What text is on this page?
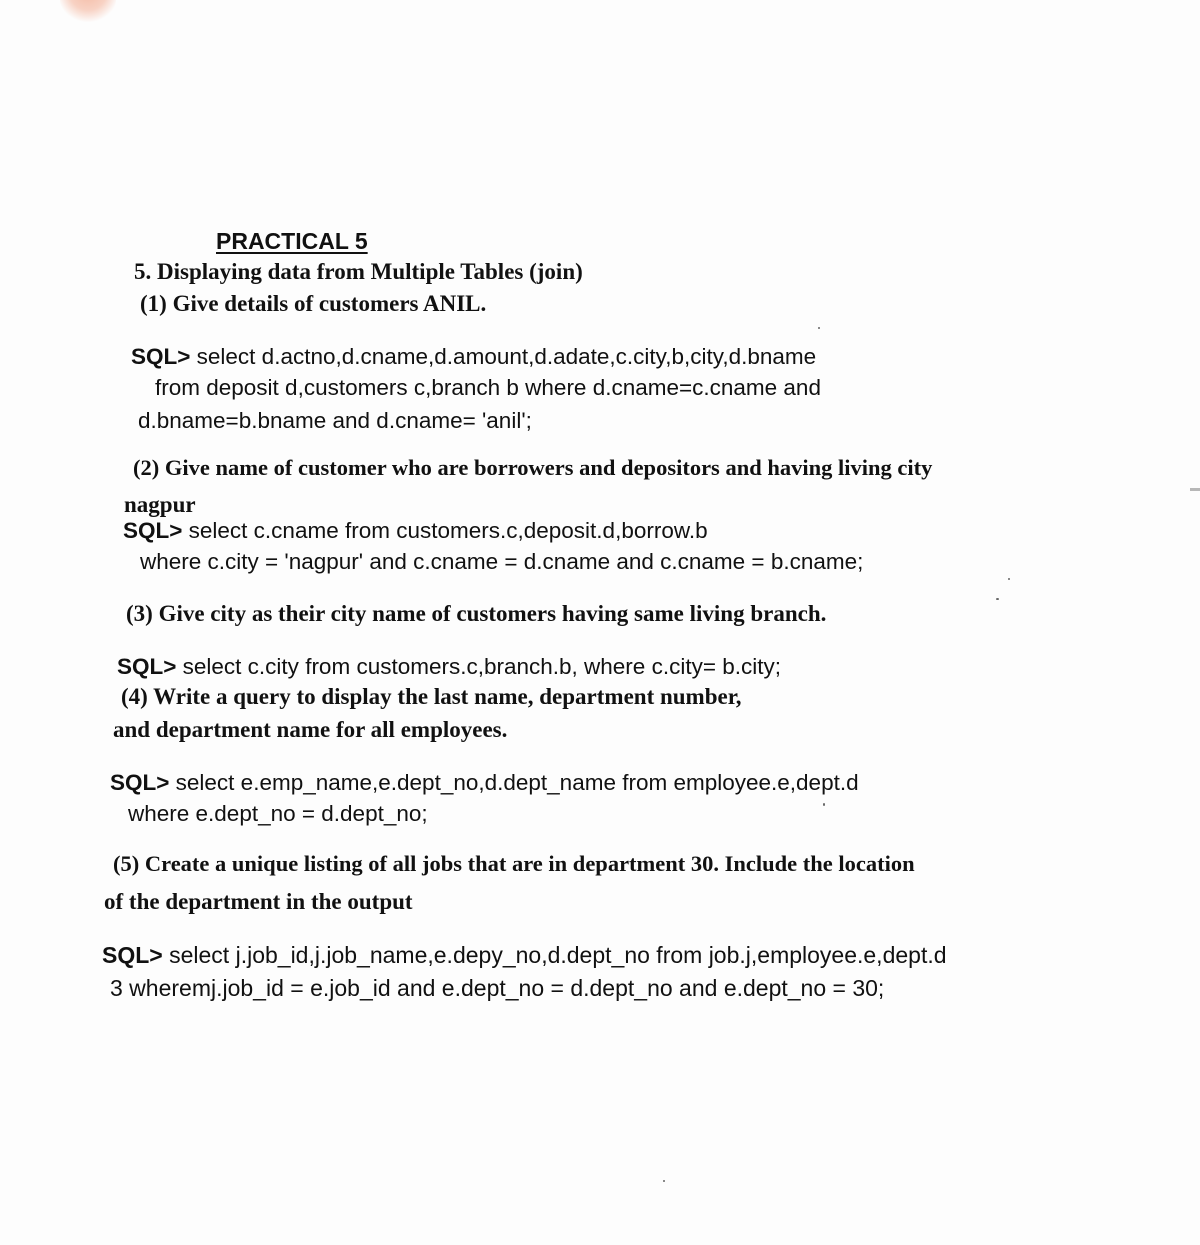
PRACTICAL 5
5. Displaying data from Multiple Tables (join)
(1) Give details of customers ANIL.
SQL> select d.actno,d.cname,d.amount,d.adate,c.city,b,city,d.bname
from deposit d,customers c,branch b where d.cname=c.cname and
d.bname=b.bname and d.cname= 'anil';
(2) Give name of customer who are borrowers and depositors and having living city
nagpur
SQL> select c.cname from customers.c,deposit.d,borrow.b
where c.city = 'nagpur' and c.cname = d.cname and c.cname = b.cname;
(3) Give city as their city name of customers having same living branch.
SQL> select c.city from customers.c,branch.b, where c.city= b.city;
(4) Write a query to display the last name, department number,
and department name for all employees.
SQL> select e.emp_name,e.dept_no,d.dept_name from employee.e,dept.d
where e.dept_no = d.dept_no;
(5) Create a unique listing of all jobs that are in department 30. Include the location
of the department in the output
SQL> select j.job_id,j.job_name,e.depy_no,d.dept_no from job.j,employee.e,dept.d
3 wheremj.job_id = e.job_id and e.dept_no = d.dept_no and e.dept_no = 30;
